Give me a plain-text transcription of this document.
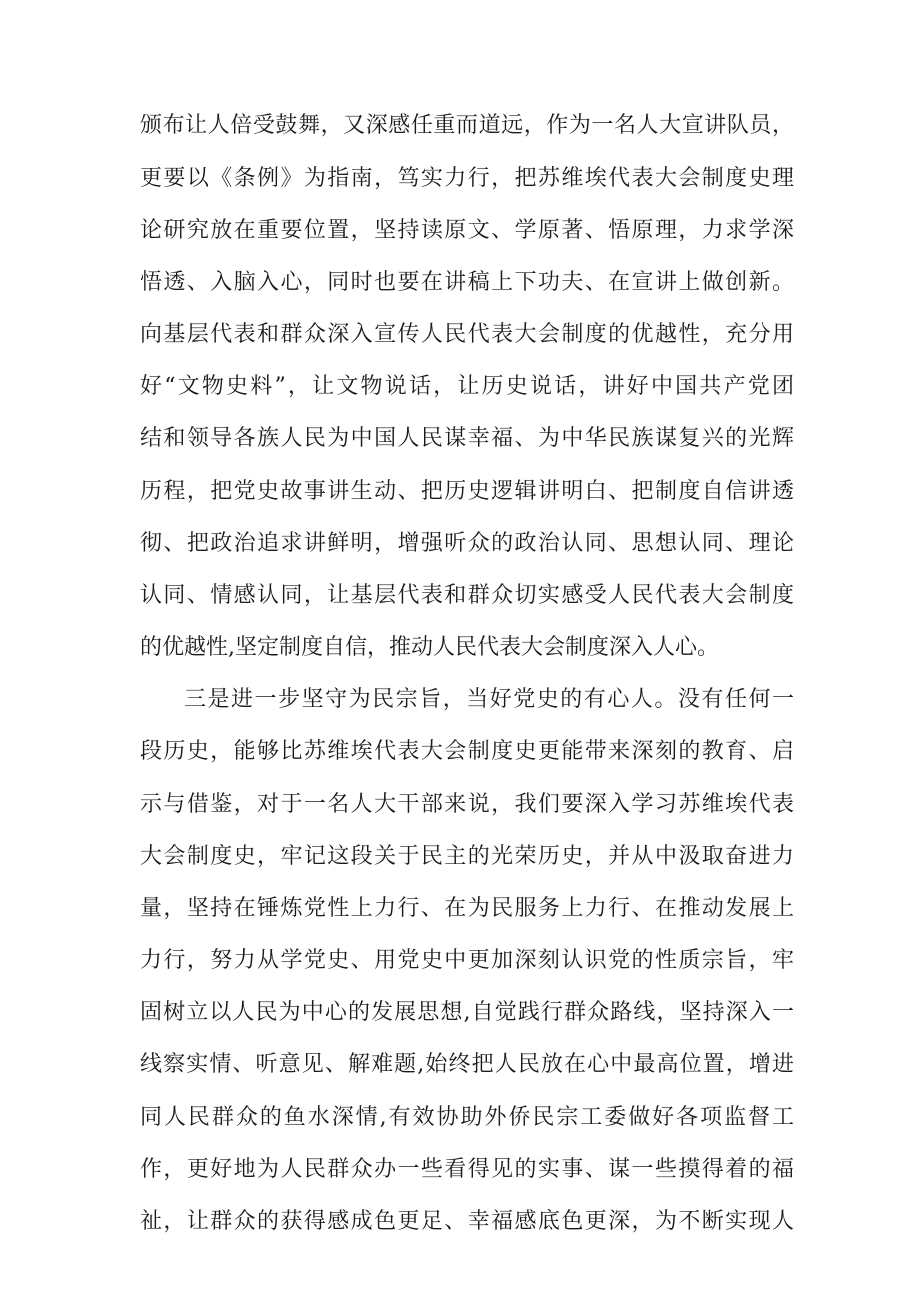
颁布让人倍受鼓舞，又深感任重而道远，作为一名人大宣讲队员，
更要以《条例》为指南，笃实力行，把苏维埃代表大会制度史理
论研究放在重要位置，坚持读原文、学原著、悟原理，力求学深
悟透、入脑入心，同时也要在讲稿上下功夫、在宣讲上做创新。
向基层代表和群众深入宣传人民代表大会制度的优越性，充分用
好“文物史料”，让文物说话，让历史说话，讲好中国共产党团
结和领导各族人民为中国人民谋幸福、为中华民族谋复兴的光辉
历程，把党史故事讲生动、把历史逻辑讲明白、把制度自信讲透
彻、把政治追求讲鲜明，增强听众的政治认同、思想认同、理论
认同、情感认同，让基层代表和群众切实感受人民代表大会制度
的优越性,坚定制度自信，推动人民代表大会制度深入人心。
三是进一步坚守为民宗旨，当好党史的有心人。没有任何一
段历史，能够比苏维埃代表大会制度史更能带来深刻的教育、启
示与借鉴，对于一名人大干部来说，我们要深入学习苏维埃代表
大会制度史，牢记这段关于民主的光荣历史，并从中汲取奋进力
量，坚持在锤炼党性上力行、在为民服务上力行、在推动发展上
力行，努力从学党史、用党史中更加深刻认识党的性质宗旨，牢
固树立以人民为中心的发展思想,自觉践行群众路线，坚持深入一
线察实情、听意见、解难题,始终把人民放在心中最高位置，增进
同人民群众的鱼水深情,有效协助外侨民宗工委做好各项监督工
作，更好地为人民群众办一些看得见的实事、谋一些摸得着的福
祉，让群众的获得感成色更足、幸福感底色更深，为不断实现人
